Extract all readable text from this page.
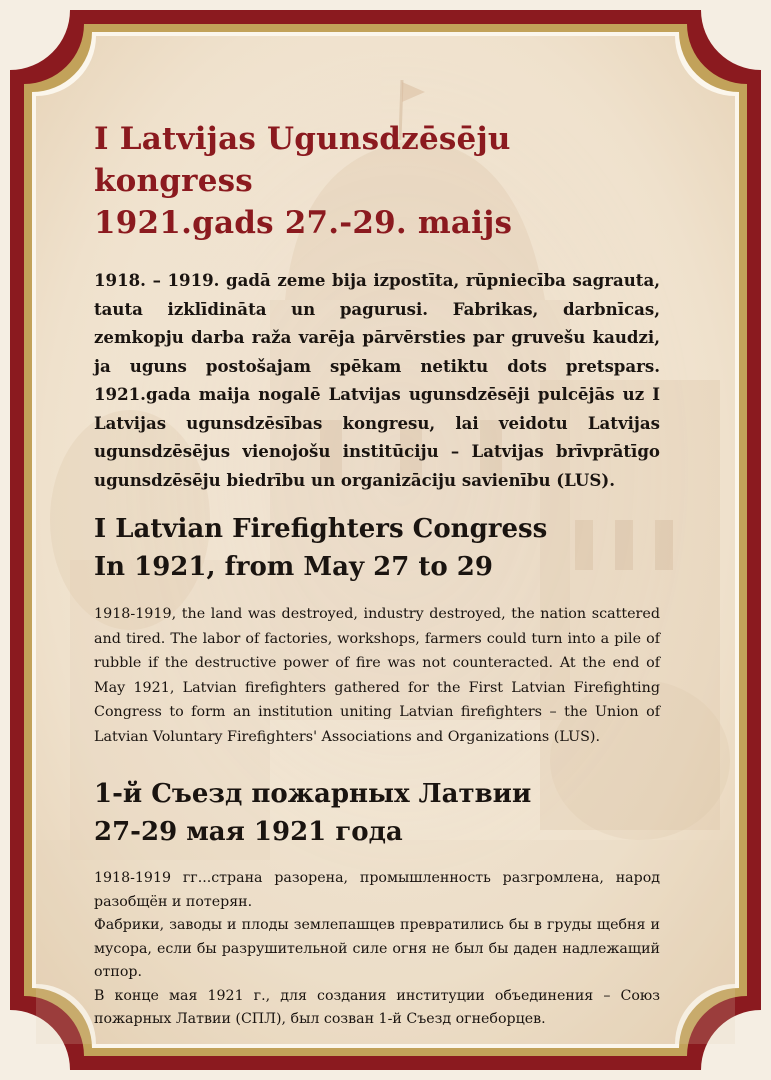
I Latvijas Ugunsdzēsēju kongress
1921.gads 27.-29. maijs

1918. – 1919. gadā zeme bija izpostīta, rūpniecība sagrauta, tauta izklīdināta un pagurusi. Fabrikas, darbnīcas, zemkopju darba raža varēja pārvērsties par gruvešu kaudzi, ja uguns postošajam spēkam netiktu dots pretspars. 1921.gada maija nogalē Latvijas ugunsdzēsēji pulcējās uz I Latvijas ugunsdzēsības kongresu, lai veidotu Latvijas ugunsdzēsējus vienojošu institūciju – Latvijas brīvprātīgo ugunsdzēsēju biedrību un organizāciju savienību (LUS).

I Latvian Firefighters Congress
In 1921, from May 27 to 29

1918-1919, the land was destroyed, industry destroyed, the nation scattered and tired. The labor of factories, workshops, farmers could turn into a pile of rubble if the destructive power of fire was not counteracted. At the end of May 1921, Latvian firefighters gathered for the First Latvian Firefighting Congress to form an institution uniting Latvian firefighters – the Union of Latvian Voluntary Firefighters' Associations and Organizations (LUS).

1-й Съезд пожарных Латвии
27-29 мая 1921 года
1918-1919 гг...страна разорена, промышленность разгромлена, народ разобщён и потерян.
Фабрики, заводы и плоды землепашцев превратились бы в груды щебня и мусора, если бы разрушительной силе огня не был бы даден надлежащий отпор.
В конце мая 1921 г., для создания институции объединения – Союз пожарных Латвии (СПЛ), был созван 1-й Съезд огнеборцев.
